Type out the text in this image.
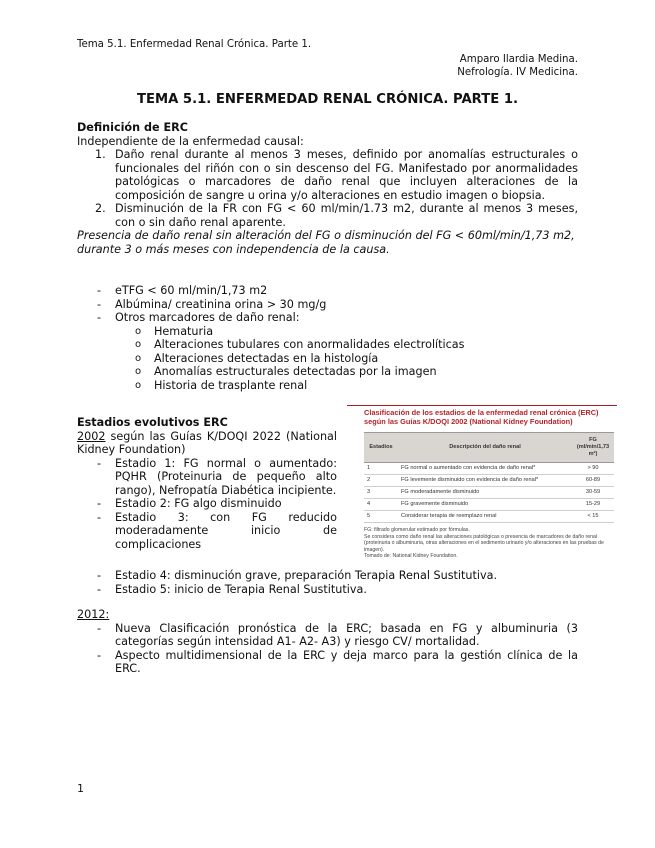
Tema 5.1. Enfermedad Renal Crónica. Parte 1.
Amparo Ilardia Medina.
Nefrología. IV Medicina.
TEMA 5.1. ENFERMEDAD RENAL CRÓNICA. PARTE 1.
Definición de ERC
Independiente de la enfermedad causal:
1. Daño renal durante al menos 3 meses, definido por anomalías estructurales o funcionales del riñón con o sin descenso del FG. Manifestado por anormalidades patológicas o marcadores de daño renal que incluyen alteraciones de la composición de sangre u orina y/o alteraciones en estudio imagen o biopsia.
2. Disminución de la FR con FG < 60 ml/min/1.73 m2, durante al menos 3 meses, con o sin daño renal aparente.
Presencia de daño renal sin alteración del FG o disminución del FG < 60ml/min/1,73 m2, durante 3 o más meses con independencia de la causa.
- eTFG < 60 ml/min/1,73 m2
- Albúmina/ creatinina orina > 30 mg/g
- Otros marcadores de daño renal:
o Hematuria
o Alteraciones tubulares con anormalidades electrolíticas
o Alteraciones detectadas en la histología
o Anomalías estructurales detectadas por la imagen
o Historia de trasplante renal
Estadios evolutivos ERC
2002 según las Guías K/DOQI 2022 (National Kidney Foundation)
- Estadio 1: FG normal o aumentado: PQHR (Proteinuria de pequeño alto rango), Nefropatía Diabética incipiente.
- Estadio 2: FG algo disminuido
- Estadio 3: con FG reducido moderadamente inicio de complicaciones
- Estadio 4: disminución grave, preparación Terapia Renal Sustitutiva.
- Estadio 5: inicio de Terapia Renal Sustitutiva.
Clasificación de los estadios de la enfermedad renal crónica (ERC) según las Guías K/DOQI 2002 (National Kidney Foundation)
Estadios	Descripción del daño renal	FG (ml/min/1,73 m²)
1	FG normal o aumentado con evidencia de daño renal*	> 90
2	FG levemente disminuido con evidencia de daño renal*	60-89
3	FG moderadamente disminuido	30-59
4	FG gravemente disminuido	15-29
5	Considerar terapia de reemplazo renal	< 15
FG: filtrado glomerular estimado por fórmulas.
Se considera como daño renal las alteraciones patológicas o presencia de marcadores de daño renal (proteinuria o albuminuria, otras alteraciones en el sedimento urinario y/o alteraciones en las pruebas de imagen).
Tomado de: National Kidney Foundation.
2012:
- Nueva Clasificación pronóstica de la ERC; basada en FG y albuminuria (3 categorías según intensidad A1- A2- A3) y riesgo CV/ mortalidad.
- Aspecto multidimensional de la ERC y deja marco para la gestión clínica de la ERC.
1
